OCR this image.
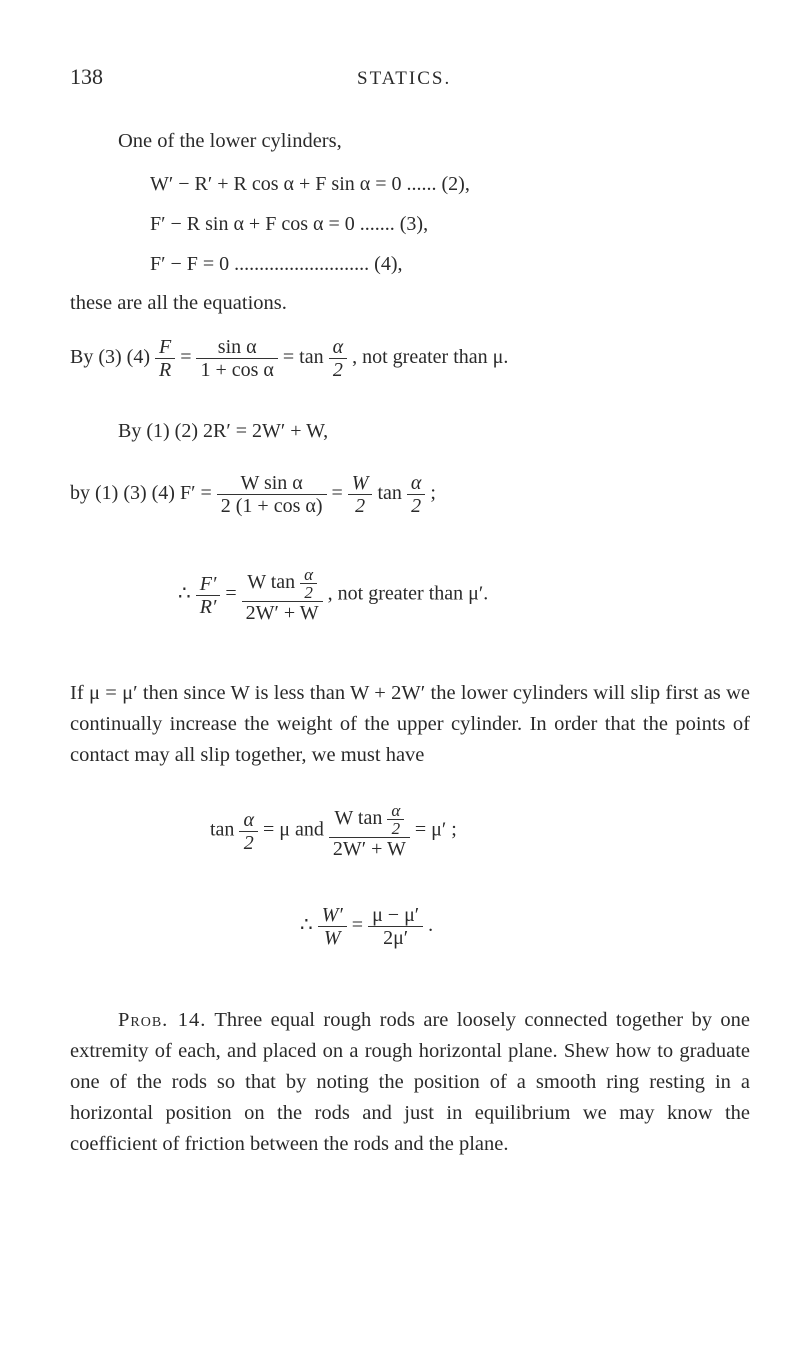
138	STATICS.
One of the lower cylinders,
W′ − R′ + R cos α + F sin α = 0 ...... (2),
F′ − R sin α + F cos α = 0 ....... (3),
F′ − F = 0 ........................... (4),
these are all the equations.
By (3) $(4) \frac{F}{R} = \frac{\text{sin α}}{\text{1 + cos α}} = \tan \frac{\alpha}{2}$ , not greater than μ.
By (1) (2) 2R′ = 2W′ + W,
by (1) (3) (4) $F' = \frac{\text{W sin α}}{\text{2 (1 + cos α)}} = \frac{W}{2}$ $\tan \frac{\alpha}{2}$ ;
∴ $\frac{F'}{R'} = \frac{W \tan \frac{\alpha}{2}}{2W' + W}$ , not greater than μ′.
If μ = μ′ then since W is less than W + 2W′ the lower cylinders will slip first as we continually increase the weight of the upper cylinder. In order that the points of contact may all slip together, we must have
$\tan \frac{\alpha}{2} = \mu$ and $\frac{W \tan \frac{\alpha}{2}}{2W' + W} = \mu'$ ;
∴ $\frac{W'}{W} = \frac{\mu - \mu'}{2\mu'}$ .
Prob. 14. Three equal rough rods are loosely connected together by one extremity of each, and placed on a rough horizontal plane. Shew how to graduate one of the rods so that by noting the position of a smooth ring resting in a horizontal position on the rods and just in equilibrium we may know the coefficient of friction between the rods and the plane.
